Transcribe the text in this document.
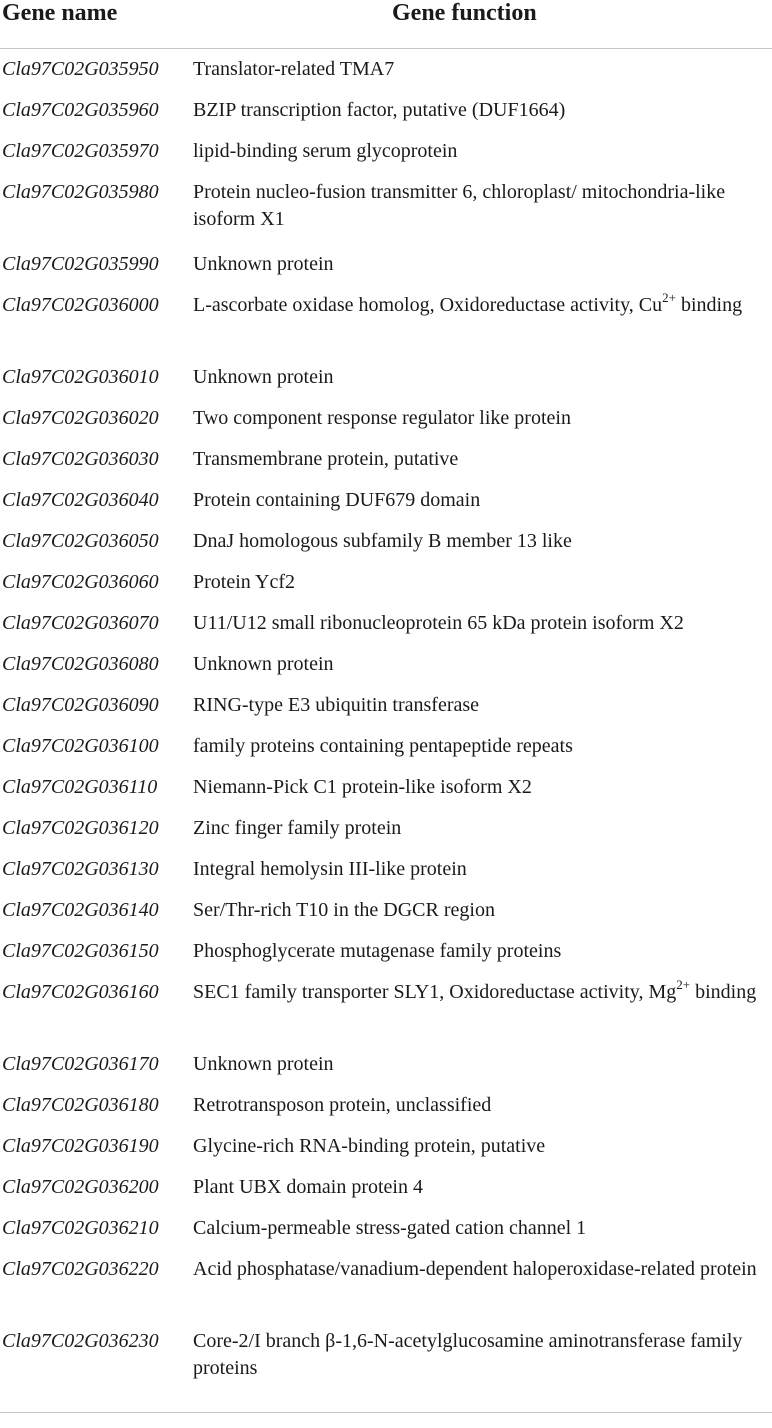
Gene name	Gene function
Cla97C02G035950 Translator-related TMA7
Cla97C02G035960 BZIP transcription factor, putative (DUF1664)
Cla97C02G035970 lipid-binding serum glycoprotein
Cla97C02G035980 Protein nucleo-fusion transmitter 6, chloroplast/ mitochondria-like isoform X1
Cla97C02G035990 Unknown protein
Cla97C02G036000 L-ascorbate oxidase homolog, Oxidoreductase activity, $Cu^{2+}$ binding
Cla97C02G036010 Unknown protein
Cla97C02G036020 Two component response regulator like protein
Cla97C02G036030 Transmembrane protein, putative
Cla97C02G036040 Protein containing DUF679 domain
Cla97C02G036050 DnaJ homologous subfamily B member 13 like
Cla97C02G036060 Protein Ycf2
Cla97C02G036070 U11/U12 small ribonucleoprotein 65 kDa protein isoform X2
Cla97C02G036080 Unknown protein
Cla97C02G036090 RING-type E3 ubiquitin transferase
Cla97C02G036100 family proteins containing pentapeptide repeats
Cla97C02G036110 Niemann-Pick C1 protein-like isoform X2
Cla97C02G036120 Zinc finger family protein
Cla97C02G036130 Integral hemolysin III-like protein
Cla97C02G036140 Ser/Thr-rich T10 in the DGCR region
Cla97C02G036150 Phosphoglycerate mutagenase family proteins
Cla97C02G036160 SEC1 family transporter SLY1, Oxidoreductase activity, $Mg^{2+}$ binding
Cla97C02G036170 Unknown protein
Cla97C02G036180 Retrotransposon protein, unclassified
Cla97C02G036190 Glycine-rich RNA-binding protein, putative
Cla97C02G036200 Plant UBX domain protein 4
Cla97C02G036210 Calcium-permeable stress-gated cation channel 1
Cla97C02G036220 Acid phosphatase/vanadium-dependent haloperoxidase-related protein
Cla97C02G036230 Core-2/I branch β-1,6-N-acetylglucosamine aminotransferase family proteins
